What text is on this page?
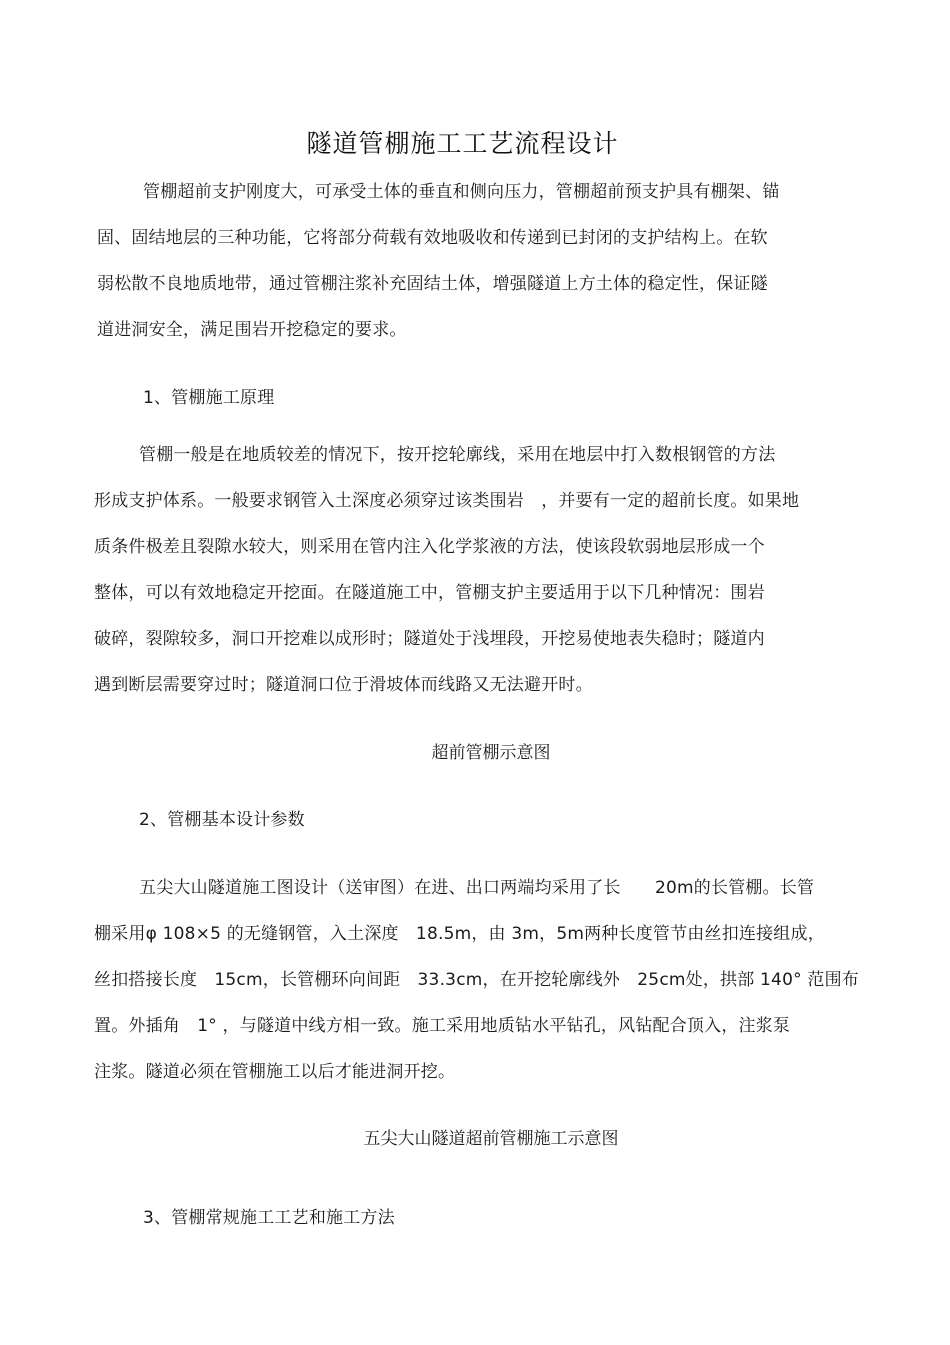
隧道管棚施工工艺流程设计
管棚超前支护刚度大，可承受土体的垂直和侧向压力，管棚超前预支护具有棚架、锚
固、固结地层的三种功能，它将部分荷载有效地吸收和传递到已封闭的支护结构上。在软
弱松散不良地质地带，通过管棚注浆补充固结土体，增强隧道上方土体的稳定性，保证隧
道进洞安全，满足围岩开挖稳定的要求。
1、管棚施工原理
管棚一般是在地质较差的情况下，按开挖轮廓线，采用在地层中打入数根钢管的方法
形成支护体系。一般要求钢管入土深度必须穿过该类围岩　，并要有一定的超前长度。如果地
质条件极差且裂隙水较大，则采用在管内注入化学浆液的方法，使该段软弱地层形成一个
整体，可以有效地稳定开挖面。在隧道施工中，管棚支护主要适用于以下几种情况：围岩
破碎，裂隙较多，洞口开挖难以成形时；隧道处于浅埋段，开挖易使地表失稳时；隧道内
遇到断层需要穿过时；隧道洞口位于滑坡体而线路又无法避开时。
超前管棚示意图
2、管棚基本设计参数
五尖大山隧道施工图设计（送审图）在进、出口两端均采用了长　　20m的长管棚。长管
棚采用φ 108×5 的无缝钢管，入土深度　18.5m，由 3m，5m两种长度管节由丝扣连接组成，
丝扣搭接长度　15cm，长管棚环向间距　33.3cm，在开挖轮廓线外　25cm处，拱部 140° 范围布
置。外插角　1° ，与隧道中线方相一致。施工采用地质钻水平钻孔，风钻配合顶入，注浆泵
注浆。隧道必须在管棚施工以后才能进洞开挖。
五尖大山隧道超前管棚施工示意图
3、管棚常规施工工艺和施工方法
